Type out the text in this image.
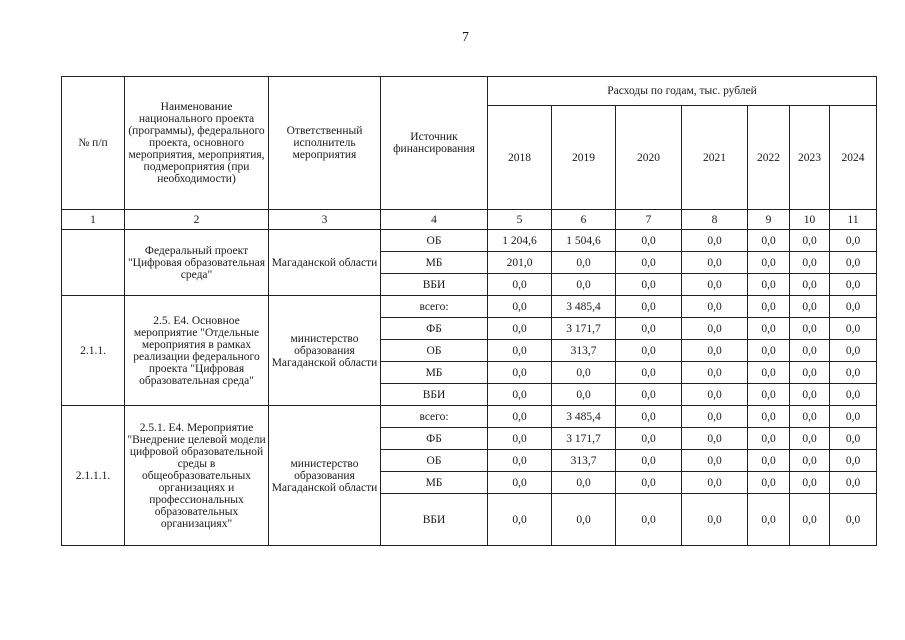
7
№ п/п	Наименование национального проекта (программы), федерального проекта, основного мероприятия, мероприятия, подмероприятия (при необходимости)	Ответственный исполнитель мероприятия	Источник финансирования	Расходы по годам, тыс. рублей						
				2018	2019	2020	2021	2022	2023	2024
1	2	3	4	5	6	7	8	9	10	11
	Федеральный проект "Цифровая образовательная среда"	Магаданской области	ОБ	1 204,6	1 504,6	0,0	0,0	0,0	0,0	0,0
			МБ	201,0	0,0	0,0	0,0	0,0	0,0	0,0
			ВБИ	0,0	0,0	0,0	0,0	0,0	0,0	0,0
2.1.1.	2.5. Е4. Основное мероприятие "Отдельные мероприятия в рамках реализации федерального проекта "Цифровая образовательная среда"	министерство образования Магаданской области	всего:	0,0	3 485,4	0,0	0,0	0,0	0,0	0,0
			ФБ	0,0	3 171,7	0,0	0,0	0,0	0,0	0,0
			ОБ	0,0	313,7	0,0	0,0	0,0	0,0	0,0
			МБ	0,0	0,0	0,0	0,0	0,0	0,0	0,0
			ВБИ	0,0	0,0	0,0	0,0	0,0	0,0	0,0
2.1.1.1.	2.5.1. Е4. Мероприятие "Внедрение целевой модели цифровой образовательной среды в общеобразовательных организациях и профессиональных образовательных организациях"	министерство образования Магаданской области	всего:	0,0	3 485,4	0,0	0,0	0,0	0,0	0,0
			ФБ	0,0	3 171,7	0,0	0,0	0,0	0,0	0,0
			ОБ	0,0	313,7	0,0	0,0	0,0	0,0	0,0
			МБ	0,0	0,0	0,0	0,0	0,0	0,0	0,0
			ВБИ	0,0	0,0	0,0	0,0	0,0	0,0	0,0
